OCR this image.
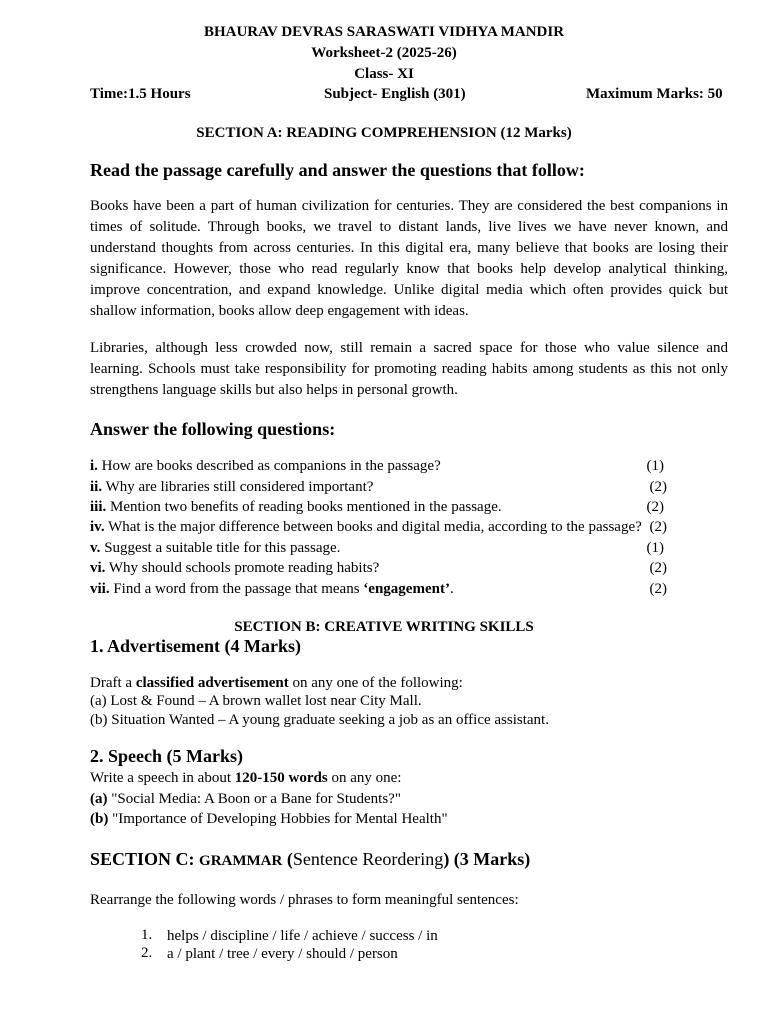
BHAURAV DEVRAS SARASWATI VIDHYA MANDIR
Worksheet-2 (2025-26)
Class- XI
Time:1.5 Hours	Subject- English (301)	Maximum Marks: 50
SECTION A: READING COMPREHENSION (12 Marks)
Read the passage carefully and answer the questions that follow:
Books have been a part of human civilization for centuries. They are considered the best companions in times of solitude. Through books, we travel to distant lands, live lives we have never known, and understand thoughts from across centuries. In this digital era, many believe that books are losing their significance. However, those who read regularly know that books help develop analytical thinking, improve concentration, and expand knowledge. Unlike digital media which often provides quick but shallow information, books allow deep engagement with ideas.
Libraries, although less crowded now, still remain a sacred space for those who value silence and learning. Schools must take responsibility for promoting reading habits among students as this not only strengthens language skills but also helps in personal growth.
Answer the following questions:
i. How are books described as companions in the passage?	(1)
ii. Why are libraries still considered important?	(2)
iii. Mention two benefits of reading books mentioned in the passage.	(2)
iv. What is the major difference between books and digital media, according to the passage? (2)
v. Suggest a suitable title for this passage.	(1)
vi. Why should schools promote reading habits?	(2)
vii. Find a word from the passage that means ‘engagement’.	(2)
SECTION B: CREATIVE WRITING SKILLS
1. Advertisement (4 Marks)
Draft a classified advertisement on any one of the following:
(a) Lost & Found – A brown wallet lost near City Mall.
(b) Situation Wanted – A young graduate seeking a job as an office assistant.
2. Speech (5 Marks)
Write a speech in about 120-150 words on any one:
(a) "Social Media: A Boon or a Bane for Students?"
(b) "Importance of Developing Hobbies for Mental Health"
SECTION C: GRAMMAR (Sentence Reordering) (3 Marks)
Rearrange the following words / phrases to form meaningful sentences:
1. helps / discipline / life / achieve / success / in
2. a / plant / tree / every / should / person
